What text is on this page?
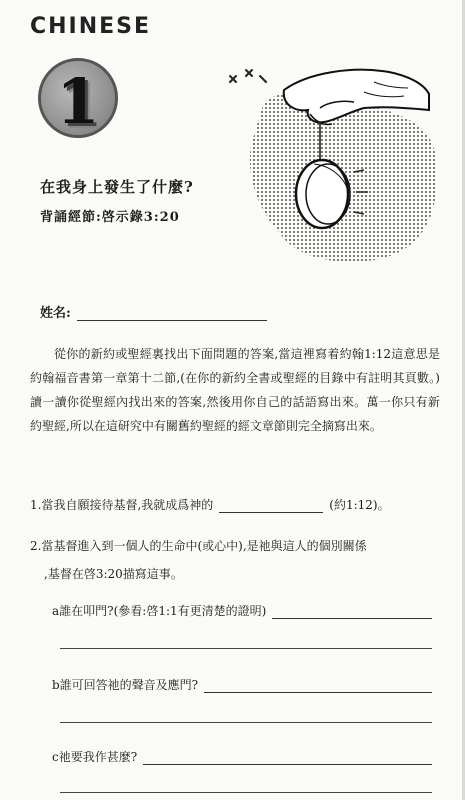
CHINESE
1
在我身上發生了什麼?
背誦經節:啓示錄3:20
姓名:

從你的新約或聖經裏找出下面問題的答案,當這裡寫着約翰1:12這意思是約翰福音書第一章第十二節,(在你的新約全書或聖經的目錄中有註明其頁數。)讀一讀你從聖經內找出來的答案,然後用你自己的話語寫出來。萬一你只有新約聖經,所以在這研究中有關舊約聖經的經文章節則完全摘寫出來。

1.當我自願接待基督,我就成爲神的	(約1:12)。
2.當基督進入到一個人的生命中(或心中),是祂與這人的個別關係
,基督在啓3:20描寫這事。
a誰在叩門?(參看:啓1:1有更清楚的證明)
b誰可回答祂的聲音及應門?
c祂要我作甚麼?
